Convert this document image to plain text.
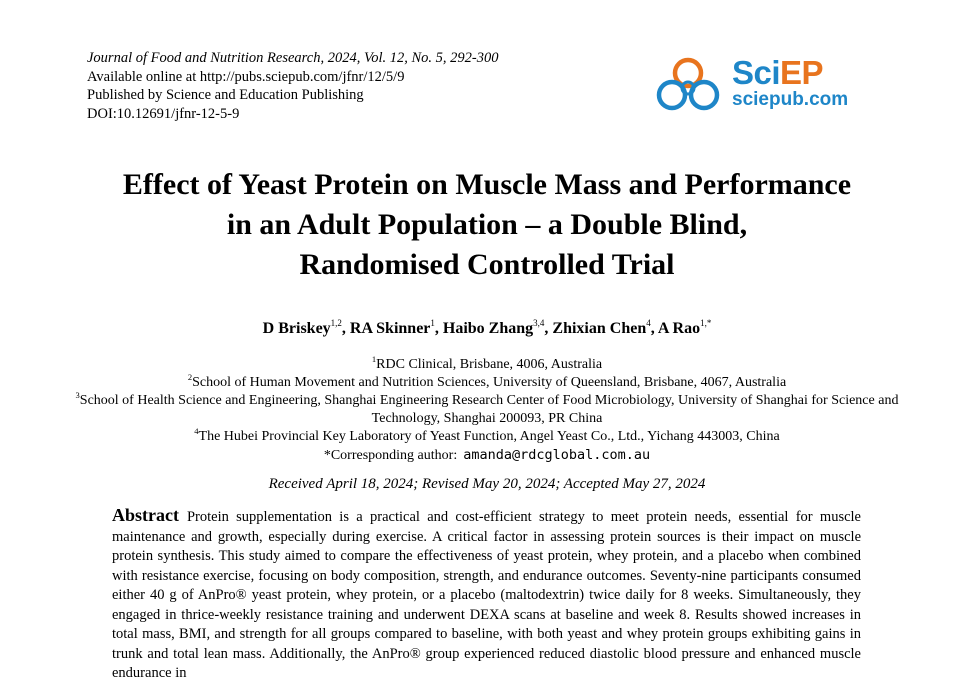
Journal of Food and Nutrition Research, 2024, Vol. 12, No. 5, 292-300
Available online at http://pubs.sciepub.com/jfnr/12/5/9
Published by Science and Education Publishing
DOI:10.12691/jfnr-12-5-9
SciEP
sciepub.com
Effect of Yeast Protein on Muscle Mass and Performance
in an Adult Population – a Double Blind,
Randomised Controlled Trial
D Briskey$^{1,2}$, RA Skinner$^1$, Haibo Zhang$^{3,4}$, Zhixian Chen$^4$, A Rao$^{1,*}$
$^1$RDC Clinical, Brisbane, 4006, Australia
$^2$School of Human Movement and Nutrition Sciences, University of Queensland, Brisbane, 4067, Australia
$^3$School of Health Science and Engineering, Shanghai Engineering Research Center of Food Microbiology, University of Shanghai for Science and Technology, Shanghai 200093, PR China
$^4$The Hubei Provincial Key Laboratory of Yeast Function, Angel Yeast Co., Ltd., Yichang 443003, China
*Corresponding author: amanda@rdcglobal.com.au
Received April 18, 2024; Revised May 20, 2024; Accepted May 27, 2024
Abstract Protein supplementation is a practical and cost-efficient strategy to meet protein needs, essential for muscle maintenance and growth, especially during exercise. A critical factor in assessing protein sources is their impact on muscle protein synthesis. This study aimed to compare the effectiveness of yeast protein, whey protein, and a placebo when combined with resistance exercise, focusing on body composition, strength, and endurance outcomes. Seventy-nine participants consumed either 40 g of AnPro® yeast protein, whey protein, or a placebo (maltodextrin) twice daily for 8 weeks. Simultaneously, they engaged in thrice-weekly resistance training and underwent DEXA scans at baseline and week 8. Results showed increases in total mass, BMI, and strength for all groups compared to baseline, with both yeast and whey protein groups exhibiting gains in trunk and total lean mass. Additionally, the AnPro® group experienced reduced diastolic blood pressure and enhanced muscle endurance in
